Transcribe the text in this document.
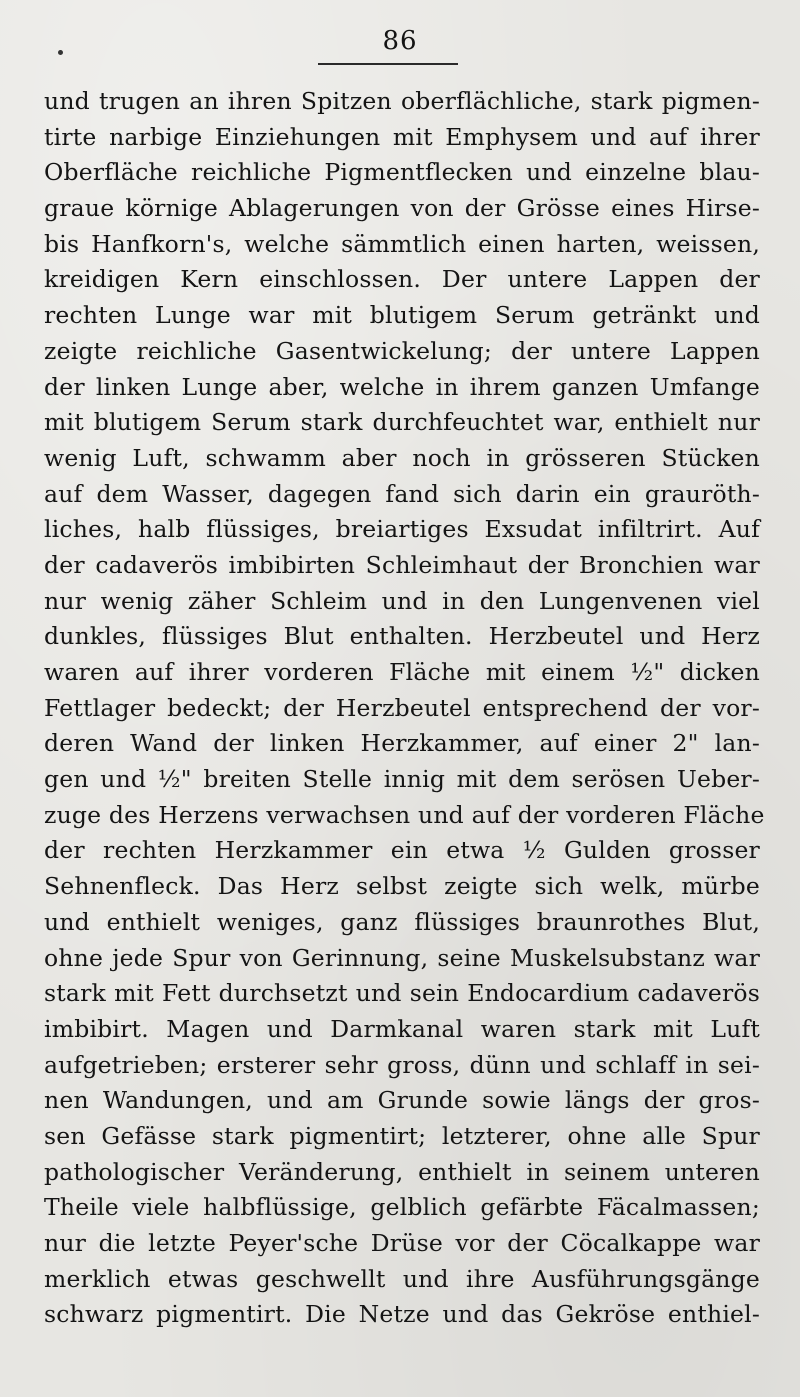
86
und trugen an ihren Spitzen oberflächliche, stark pigmen-
tirte narbige Einziehungen mit Emphysem und auf ihrer
Oberfläche reichliche Pigmentflecken und einzelne blau-
graue körnige Ablagerungen von der Grösse eines Hirse-
bis Hanfkorn's, welche sämmtlich einen harten, weissen,
kreidigen Kern einschlossen. Der untere Lappen der
rechten Lunge war mit blutigem Serum getränkt und
zeigte reichliche Gasentwickelung; der untere Lappen
der linken Lunge aber, welche in ihrem ganzen Umfange
mit blutigem Serum stark durchfeuchtet war, enthielt nur
wenig Luft, schwamm aber noch in grösseren Stücken
auf dem Wasser, dagegen fand sich darin ein grauröth-
liches, halb flüssiges, breiartiges Exsudat infiltrirt. Auf
der cadaverös imbibirten Schleimhaut der Bronchien war
nur wenig zäher Schleim und in den Lungenvenen viel
dunkles, flüssiges Blut enthalten. Herzbeutel und Herz
waren auf ihrer vorderen Fläche mit einem ½" dicken
Fettlager bedeckt; der Herzbeutel entsprechend der vor-
deren Wand der linken Herzkammer, auf einer 2" lan-
gen und ½" breiten Stelle innig mit dem serösen Ueber-
zuge des Herzens verwachsen und auf der vorderen Fläche
der rechten Herzkammer ein etwa ½ Gulden grosser
Sehnenfleck. Das Herz selbst zeigte sich welk, mürbe
und enthielt weniges, ganz flüssiges braunrothes Blut,
ohne jede Spur von Gerinnung, seine Muskelsubstanz war
stark mit Fett durchsetzt und sein Endocardium cadaverös
imbibirt. Magen und Darmkanal waren stark mit Luft
aufgetrieben; ersterer sehr gross, dünn und schlaff in sei-
nen Wandungen, und am Grunde sowie längs der gros-
sen Gefässe stark pigmentirt; letzterer, ohne alle Spur
pathologischer Veränderung, enthielt in seinem unteren
Theile viele halbflüssige, gelblich gefärbte Fäcalmassen;
nur die letzte Peyer'sche Drüse vor der Cöcalkappe war
merklich etwas geschwellt und ihre Ausführungsgänge
schwarz pigmentirt. Die Netze und das Gekröse enthiel-
